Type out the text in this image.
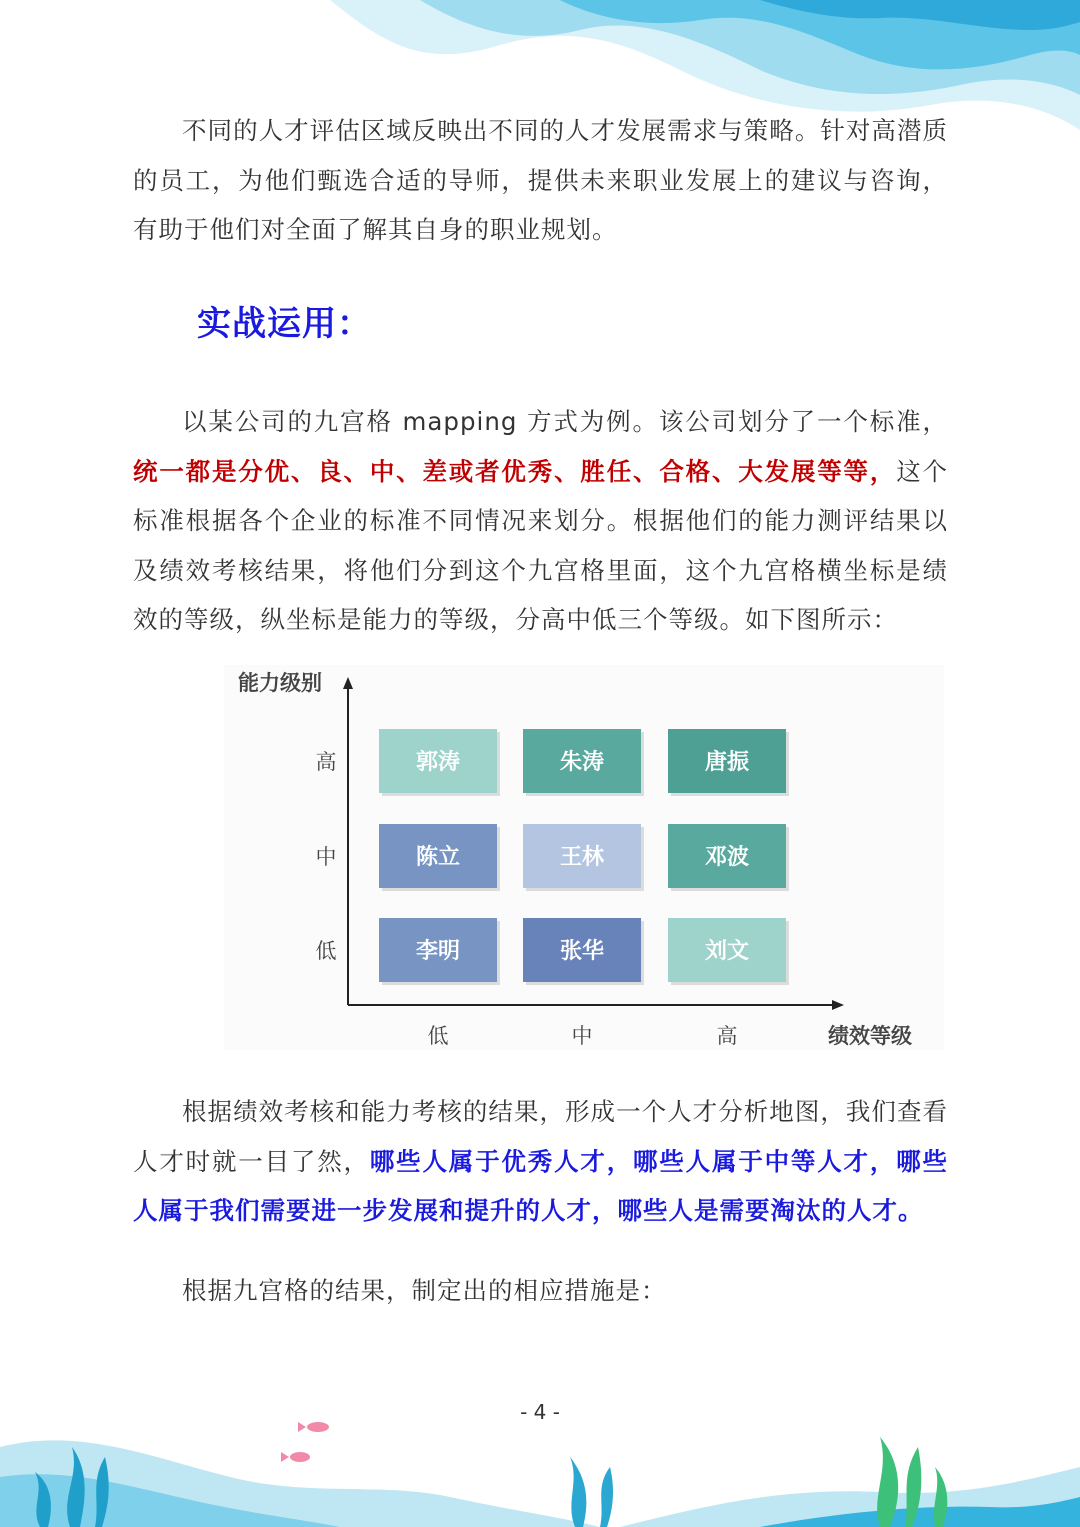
不同的人才评估区域反映出不同的人才发展需求与策略。针对高潜质的员工，为他们甄选合适的导师，提供未来职业发展上的建议与咨询，有助于他们对全面了解其自身的职业规划。

实战运用：

以某公司的九宫格 mapping 方式为例。该公司划分了一个标准，统一都是分优、良、中、差或者优秀、胜任、合格、大发展等等，这个标准根据各个企业的标准不同情况来划分。根据他们的能力测评结果以及绩效考核结果，将他们分到这个九宫格里面，这个九宫格横坐标是绩效的等级，纵坐标是能力的等级，分高中低三个等级。如下图所示：

能力级别
绩效等级
高
中
低
低	中	高
郭涛	朱涛	唐振
陈立	王林	邓波
李明	张华	刘文

根据绩效考核和能力考核的结果，形成一个人才分析地图，我们查看人才时就一目了然，哪些人属于优秀人才，哪些人属于中等人才，哪些人属于我们需要进一步发展和提升的人才，哪些人是需要淘汰的人才。

根据九宫格的结果，制定出的相应措施是：

- 4 -
